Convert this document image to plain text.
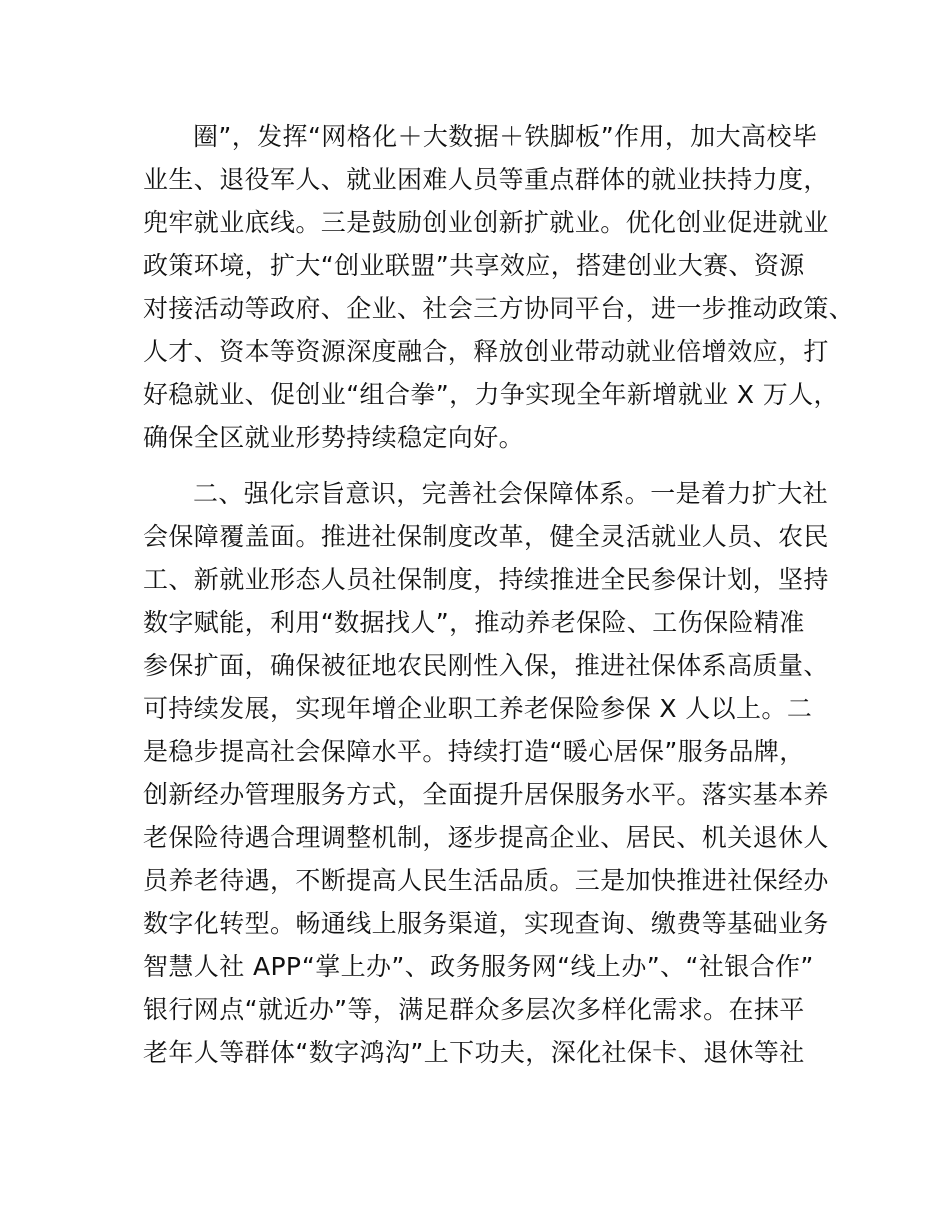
圈”，发挥“网格化＋大数据＋铁脚板”作用，加大高校毕
业生、退役军人、就业困难人员等重点群体的就业扶持力度，
兜牢就业底线。三是鼓励创业创新扩就业。优化创业促进就业
政策环境，扩大“创业联盟”共享效应，搭建创业大赛、资源
对接活动等政府、企业、社会三方协同平台，进一步推动政策、
人才、资本等资源深度融合，释放创业带动就业倍增效应，打
好稳就业、促创业“组合拳”，力争实现全年新增就业 X 万人，
确保全区就业形势持续稳定向好。
二、强化宗旨意识，完善社会保障体系。一是着力扩大社
会保障覆盖面。推进社保制度改革，健全灵活就业人员、农民
工、新就业形态人员社保制度，持续推进全民参保计划，坚持
数字赋能，利用“数据找人”，推动养老保险、工伤保险精准
参保扩面，确保被征地农民刚性入保，推进社保体系高质量、
可持续发展，实现年增企业职工养老保险参保 X 人以上。二
是稳步提高社会保障水平。持续打造“暖心居保”服务品牌，
创新经办管理服务方式，全面提升居保服务水平。落实基本养
老保险待遇合理调整机制，逐步提高企业、居民、机关退休人
员养老待遇，不断提高人民生活品质。三是加快推进社保经办
数字化转型。畅通线上服务渠道，实现查询、缴费等基础业务
智慧人社 APP“掌上办”、政务服务网“线上办”、“社银合作”
银行网点“就近办”等，满足群众多层次多样化需求。在抹平
老年人等群体“数字鸿沟”上下功夫，深化社保卡、退休等社
